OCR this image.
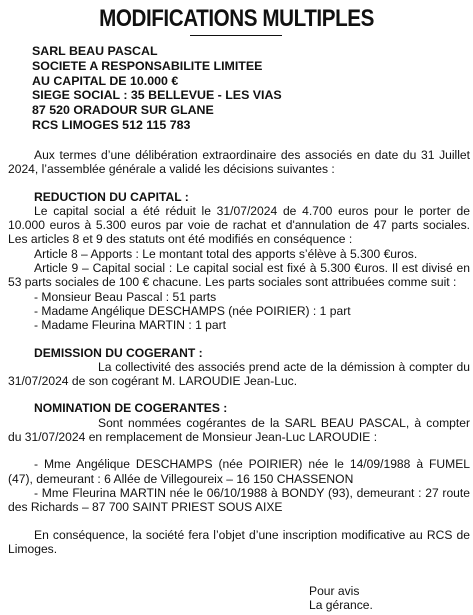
MODIFICATIONS MULTIPLES
SARL BEAU PASCAL
SOCIETE A RESPONSABILITE LIMITEE
AU CAPITAL DE 10.000 €
SIEGE SOCIAL : 35 BELLEVUE - LES VIAS
87 520 ORADOUR SUR GLANE
RCS LIMOGES 512 115 783

Aux termes d’une délibération extraordinaire des associés en date du 31 Juillet 2024, l’assemblée générale a validé les décisions suivantes :

REDUCTION DU CAPITAL :

Le capital social a été réduit le 31/07/2024 de 4.700 euros pour le porter de 10.000 euros à 5.300 euros par voie de rachat et d'annulation de 47 parts sociales. Les articles 8 et 9 des statuts ont été modifiés en conséquence :

Article 8 – Apports : Le montant total des apports s’élève à 5.300 €uros.

Article 9 – Capital social : Le capital social est fixé à 5.300 €uros. Il est divisé en 53 parts sociales de 100 € chacune. Les parts sociales sont attribuées comme suit :

- Monsieur Beau Pascal : 51 parts

- Madame Angélique DESCHAMPS (née POIRIER) : 1 part

- Madame Fleurina MARTIN : 1 part

DEMISSION DU COGERANT :

La collectivité des associés prend acte de la démission à compter du 31/07/2024 de son cogérant M. LAROUDIE Jean-Luc.

NOMINATION DE COGERANTES :

Sont nommées cogérantes de la SARL BEAU PASCAL, à compter du 31/07/2024 en remplacement de Monsieur Jean-Luc LAROUDIE :

- Mme Angélique DESCHAMPS (née POIRIER) née le 14/09/1988 à FUMEL (47), demeurant : 6 Allée de Villegoureix – 16 150 CHASSENON

- Mme Fleurina MARTIN née le 06/10/1988 à BONDY (93), demeurant : 27 route des Richards – 87 700 SAINT PRIEST SOUS AIXE

En conséquence, la société fera l’objet d’une inscription modificative au RCS de Limoges.

Pour avis
La gérance.
